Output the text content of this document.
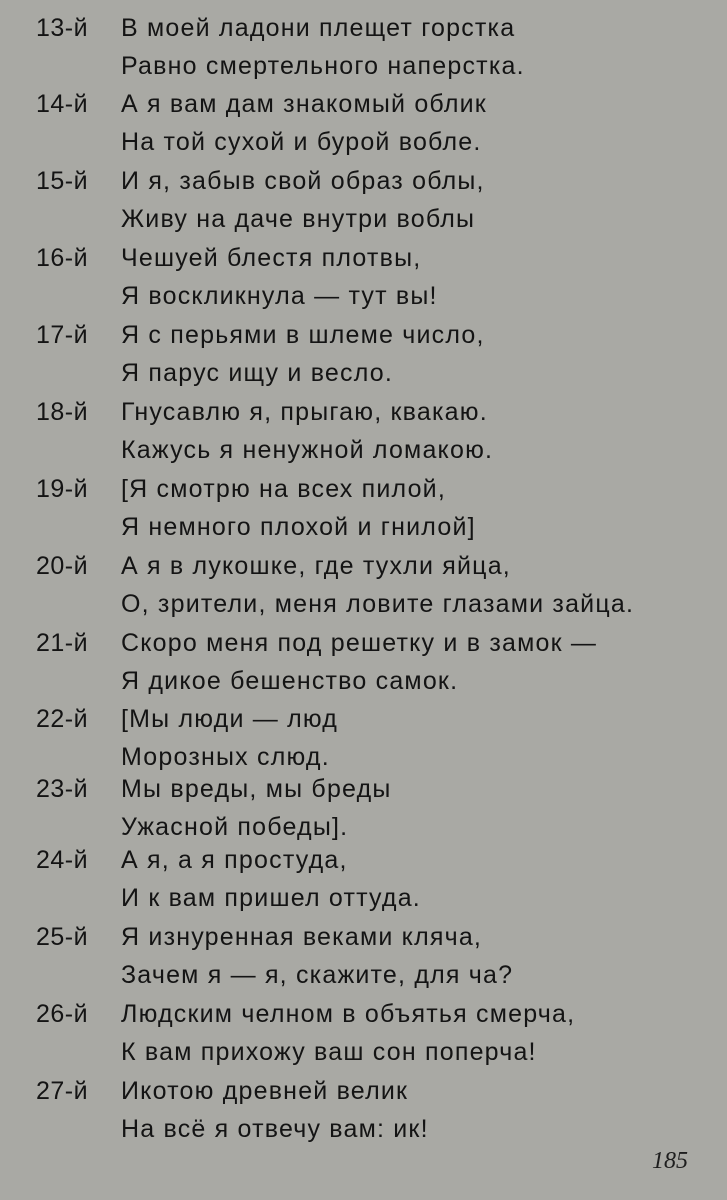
13-й В моей ладони плещет горстка
Равно смертельного наперстка.
14-й А я вам дам знакомый облик
На той сухой и бурой вобле.
15-й И я, забыв свой образ облы,
Живу на даче внутри воблы
16-й Чешуей блестя плотвы,
Я воскликнула — тут вы!
17-й Я с перьями в шлеме число,
Я парус ищу и весло.
18-й Гнусавлю я, прыгаю, квакаю.
Кажусь я ненужной ломакою.
19-й [Я смотрю на всех пилой,
Я немного плохой и гнилой]
20-й А я в лукошке, где тухли яйца,
О, зрители, меня ловите глазами зайца.
21-й Скоро меня под решетку и в замок —
Я дикое бешенство самок.
22-й [Мы люди — люд
Морозных слюд.
23-й Мы вреды, мы бреды
Ужасной победы].
24-й А я, а я простуда,
И к вам пришел оттуда.
25-й Я изнуренная веками кляча,
Зачем я — я, скажите, для ча?
26-й Людским челном в объятья смерча,
К вам прихожу ваш сон поперча!
27-й Икотою древней велик
На всё я отвечу вам: ик!
185
